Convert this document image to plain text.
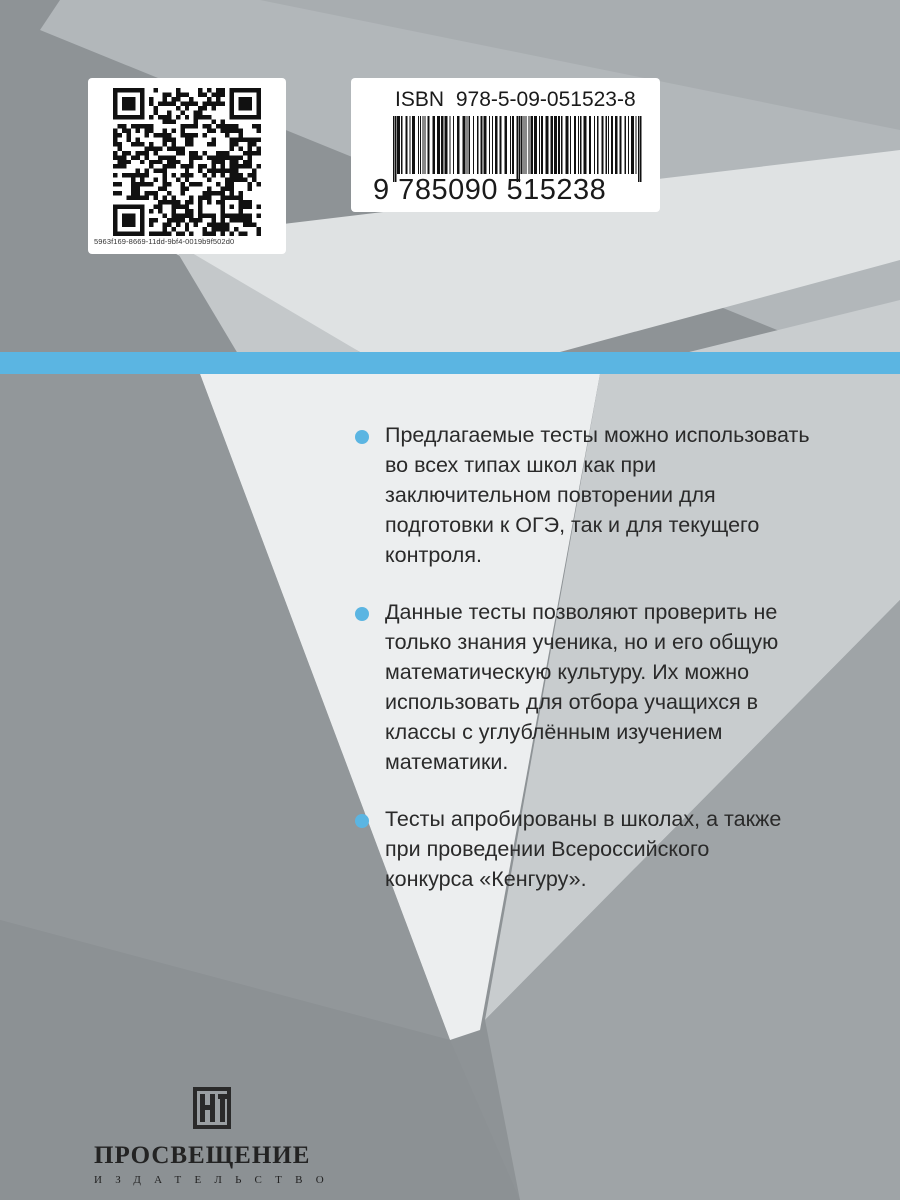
5963f169-8669-11dd-9bf4-0019b9f502d0
ISBN 978-5-09-051523-8
9 785090 515238
Предлагаемые тесты можно использовать
во всех типах школ как при
заключительном повторении для
подготовки к ОГЭ, так и для текущего
контроля.
Данные тесты позволяют проверить не
только знания ученика, но и его общую
математическую культуру. Их можно
использовать для отбора учащихся в
классы с углублённым изучением
математики.
Тесты апробированы в школах, а также
при проведении Всероссийского
конкурса «Кенгуру».
ПРОСВЕЩЕНИЕ
ИЗДАТЕЛЬСТВО
